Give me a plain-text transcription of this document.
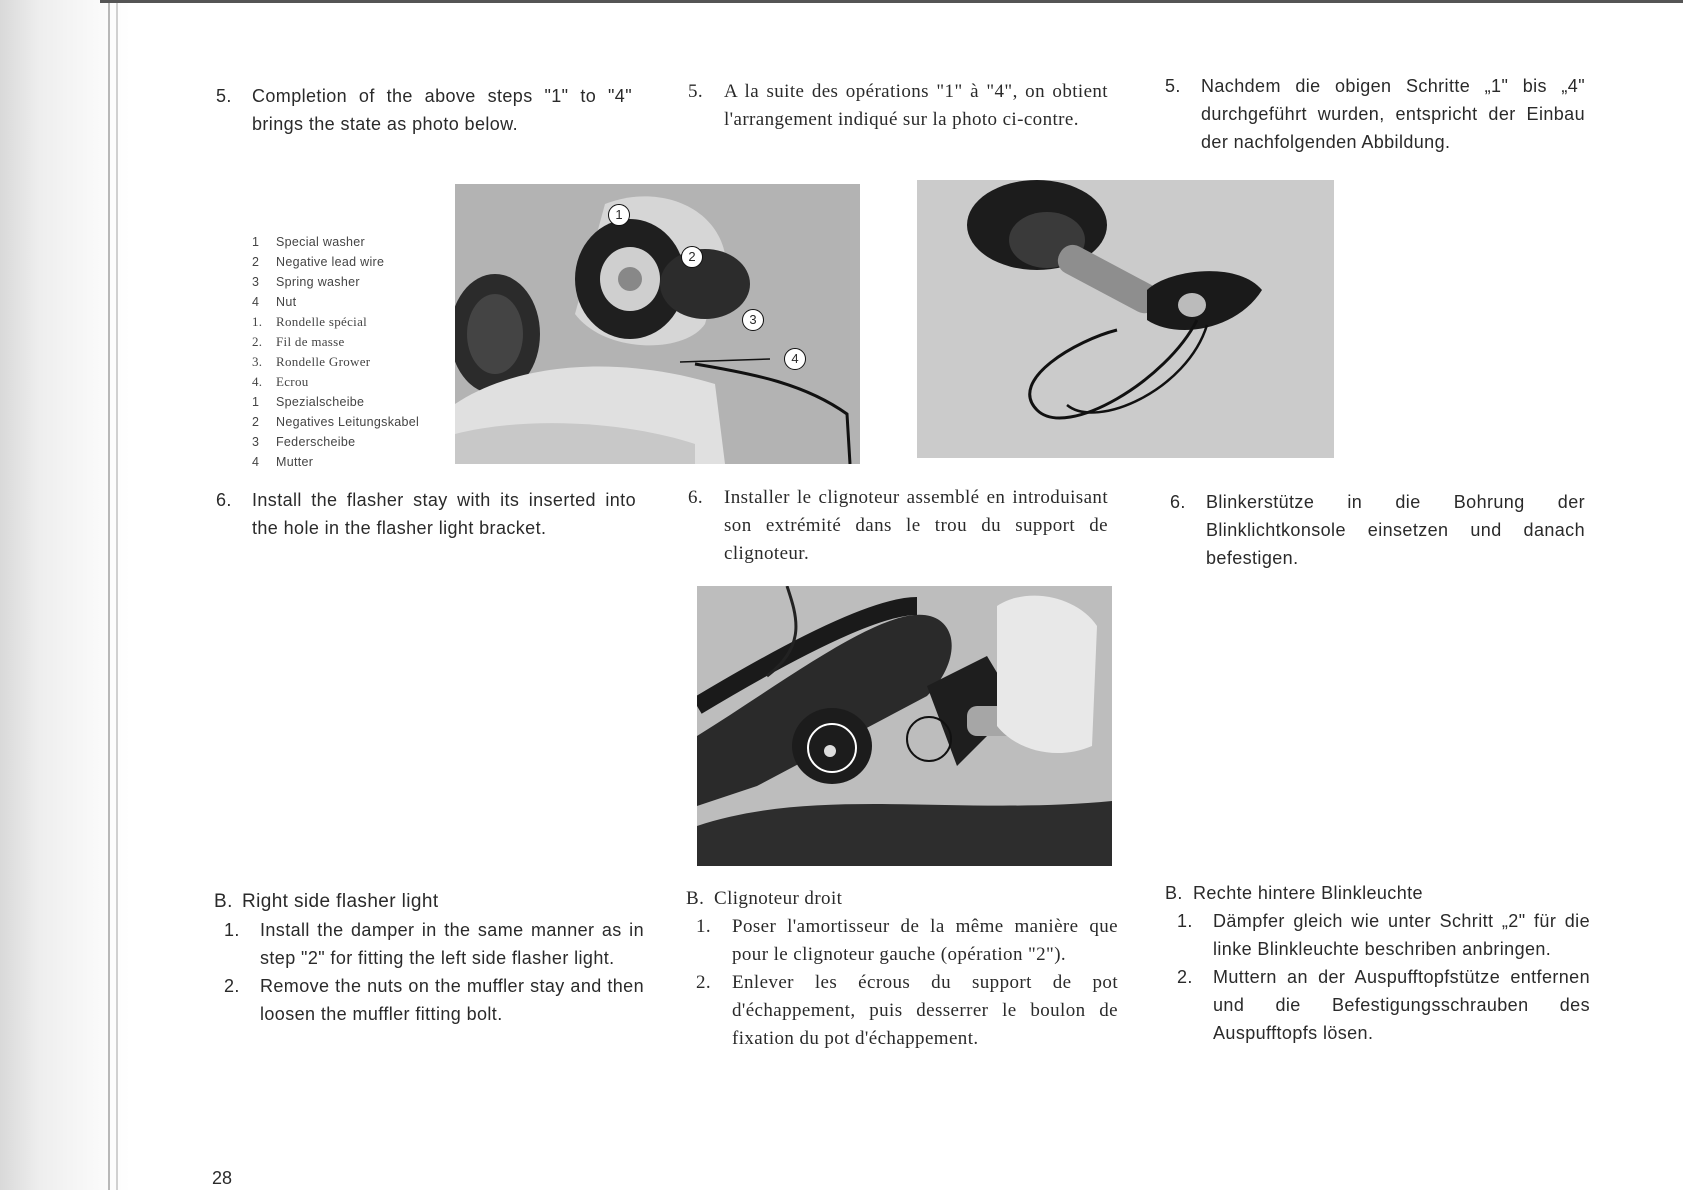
5.	Completion of the above steps "1" to "4" brings the state as photo below.
5.	A la suite des opérations "1" à "4", on obtient l'arrangement indiqué sur la photo ci-contre.
5.	Nachdem die obigen Schritte „1" bis „4" durchgeführt wurden, entspricht der Einbau der nachfolgenden Abbildung.
1	Special washer
2	Negative lead wire
3	Spring washer
4	Nut
1.	Rondelle spécial
2.	Fil de masse
3.	Rondelle Grower
4.	Ecrou
1	Spezialscheibe
2	Negatives Leitungskabel
3	Federscheibe
4	Mutter
1
2
3
4
6.	Install the flasher stay with its inserted into the hole in the flasher light bracket.
6.	Installer le clignoteur assemblé en introduisant son extrémité dans le trou du support de clignoteur.
6.	Blinkerstütze in die Bohrung der Blinklichtkonsole einsetzen und danach befestigen.
B. Right side flasher light
1.	Install the damper in the same manner as in step "2" for fitting the left side flasher light.
2.	Remove the nuts on the muffler stay and then loosen the muffler fitting bolt.
B. Clignoteur droit
1.	Poser l'amortisseur de la même manière que pour le clignoteur gauche (opération "2").
2.	Enlever les écrous du support de pot d'échappement, puis desserrer le boulon de fixation du pot d'échappement.
B. Rechte hintere Blinkleuchte
1.	Dämpfer gleich wie unter Schritt „2" für die linke Blinkleuchte beschriben anbringen.
2.	Muttern an der Auspufftopfstütze entfernen und die Befestigungsschrauben des Auspufftopfs lösen.
28
